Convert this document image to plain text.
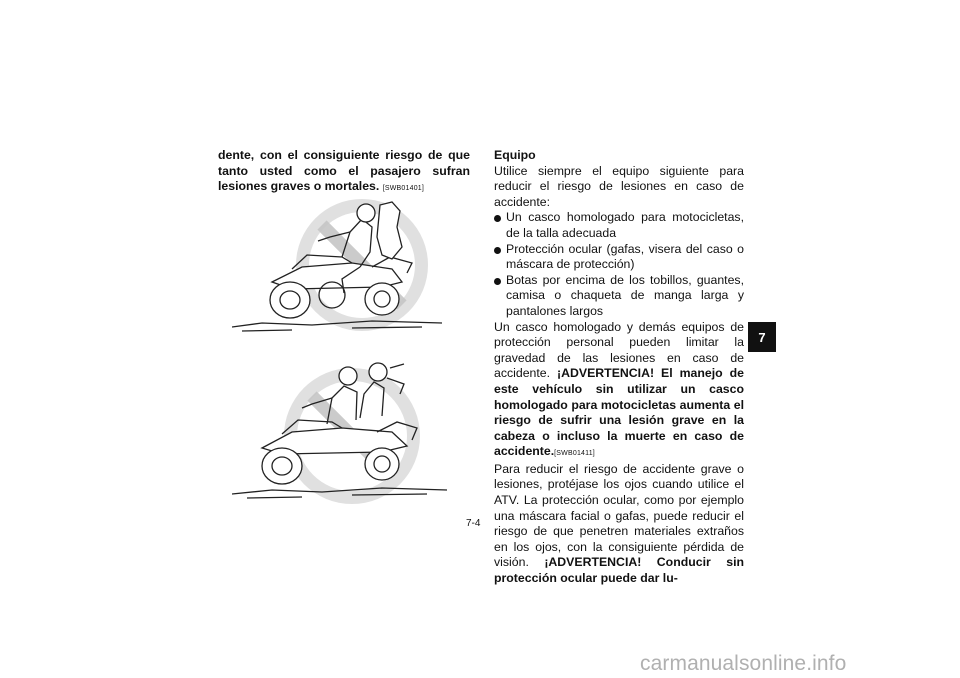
dente, con el consiguiente riesgo de que tanto usted como el pasajero sufran lesiones graves o mortales. [SWB01401]
Equipo
Utilice siempre el equipo siguiente para reducir el riesgo de lesiones en caso de accidente:
Un casco homologado para motocicletas, de la talla adecuada
Protección ocular (gafas, visera del caso o máscara de protección)
Botas por encima de los tobillos, guantes, camisa o chaqueta de manga larga y pantalones largos
Un casco homologado y demás equipos de protección personal pueden limitar la gravedad de las lesiones en caso de accidente. ¡ADVERTENCIA! El manejo de este vehículo sin utilizar un casco homologado para motocicletas aumenta el riesgo de sufrir una lesión grave en la cabeza o incluso la muerte en caso de accidente.[SWB01411]
Para reducir el riesgo de accidente grave o lesiones, protéjase los ojos cuando utilice el ATV. La protección ocular, como por ejemplo una máscara facial o gafas, puede reducir el riesgo de que penetren materiales extraños en los ojos, con la consiguiente pérdida de visión. ¡ADVERTENCIA! Conducir sin protección ocular puede dar lu-
7
7-4
carmanualsonline.info
